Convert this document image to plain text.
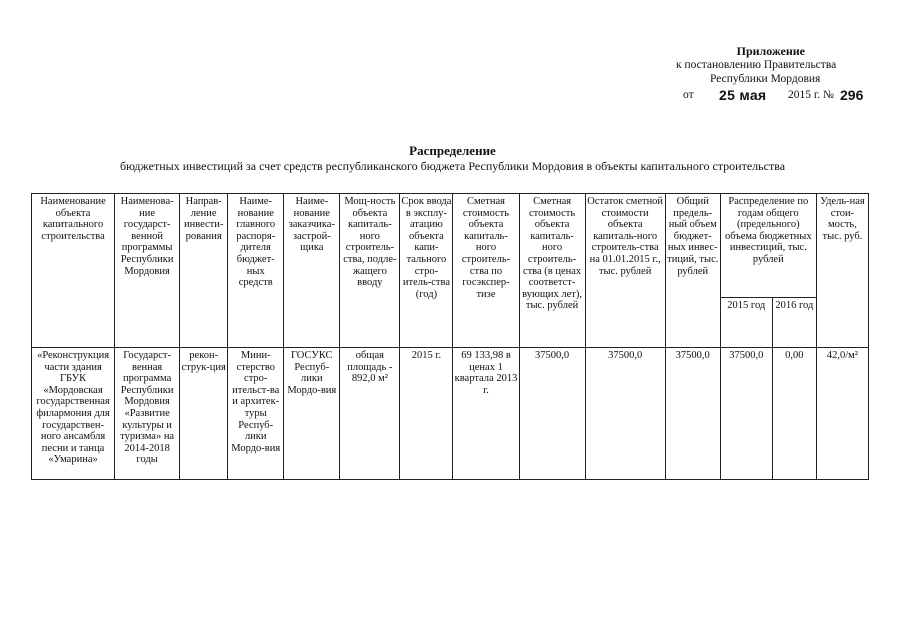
Приложение
к постановлению Правительства
Республики Мордовия
от 25 мая 2015 г. № 296
Распределение
бюджетных инвестиций за счет средств республиканского бюджета Республики Мордовия в объекты капитального строительства
Наименование объекта капитального строительства	Наименова-ние государст-венной программы Республики Мордовия	Направ-ление инвести-рования	Наиме-нование главного распоря-дителя бюджет-ных средств	Наиме-нование заказчика-застрой-щика	Мощ-ность объекта капиталь-ного строитель-ства, подле-жащего вводу	Срок ввода в эксплу-атацию объекта капи-тального стро-итель-ства (год)	Сметная стоимость объекта капиталь-ного строитель-ства по госэкспер-тизе	Сметная стоимость объекта капиталь-ного строитель-ства (в ценах соответст-вующих лет), тыс. рублей	Остаток сметной стоимости объекта капиталь-ного строитель-ства на 01.01.2015 г., тыс. рублей	Общий предель-ный объем бюджет-ных инвес-тиций, тыс. рублей	Распределение по годам общего (предельного) объема бюджетных инвестиций, тыс. рублей		Удель-ная стои-мость, тыс. руб.
											2015 год	2016 год	
«Реконструкция части здания ГБУК «Мордовская государственная филармония для государствен-ного ансамбля песни и танца «Умарина»	Государст-венная программа Республики Мордовия «Развитие культуры и туризма» на 2014-2018 годы	рекон-струк-ция	Мини-стерство стро-ительст-ва и архитек-туры Респуб-лики Мордо-вия	ГОСУКС Респуб-лики Мордо-вия	общая площадь - 892,0 м²	2015 г.	69 133,98 в ценах 1 квартала 2013 г.	37500,0	37500,0	37500,0	37500,0	0,00	42,0/м²
